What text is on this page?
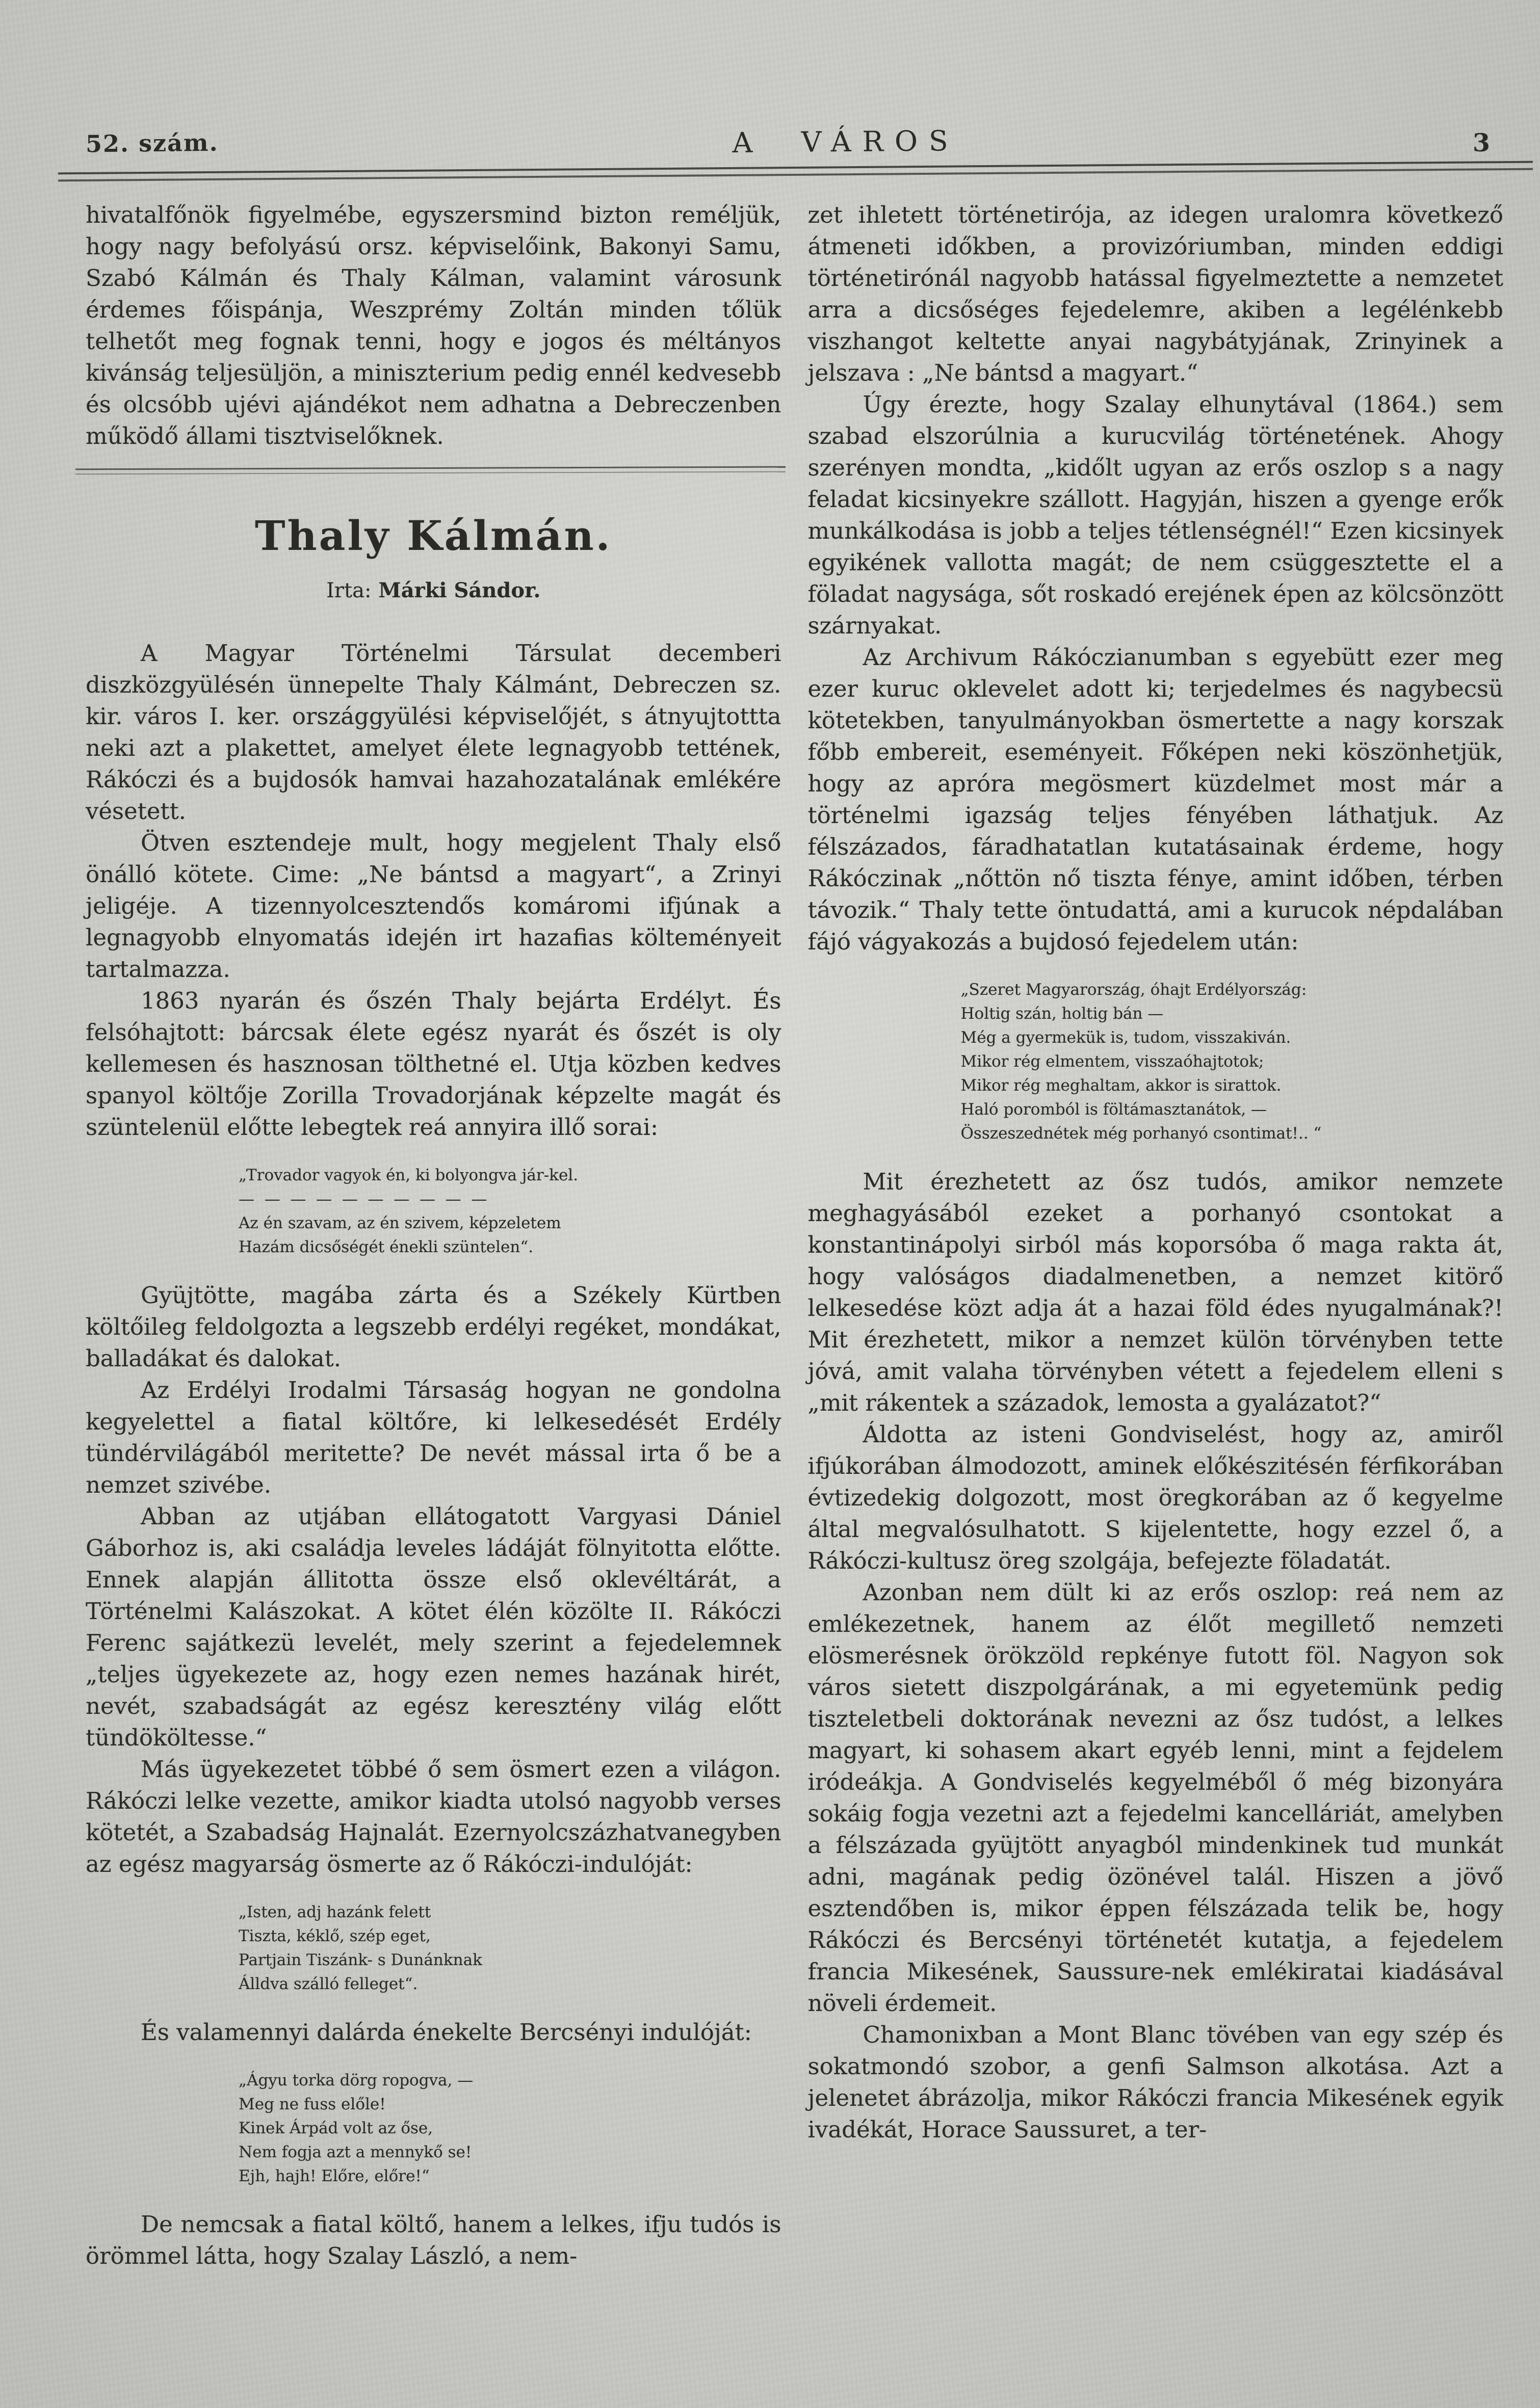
52. szám.	A VÁROS	3

hivatalfőnök figyelmébe, egyszersmind bizton reméljük, hogy nagy befolyású orsz. képviselőink, Bakonyi Samu, Szabó Kálmán és Thaly Kálman, valamint városunk érdemes főispánja, Weszprémy Zoltán minden tőlük telhetőt meg fognak tenni, hogy e jogos és méltányos kivánság teljesüljön, a miniszterium pedig ennél kedvesebb és olcsóbb ujévi ajándékot nem adhatna a Debreczenben működő állami tisztviselőknek.

Thaly Kálmán.
Irta: Márki Sándor.

A Magyar Történelmi Társulat decemberi diszközgyülésén ünnepelte Thaly Kálmánt, Debreczen sz. kir. város I. ker. országgyülési képviselőjét, s átnyujtottta neki azt a plakettet, amelyet élete legnagyobb tettének, Rákóczi és a bujdosók hamvai hazahozatalának emlékére vésetett.

Ötven esztendeje mult, hogy megjelent Thaly első önálló kötete. Cime: „Ne bántsd a magyart“, a Zrinyi jeligéje. A tizennyolcesztendős komáromi ifjúnak a legnagyobb elnyomatás idején irt hazafias költeményeit tartalmazza.

1863 nyarán és őszén Thaly bejárta Erdélyt. És felsóhajtott: bárcsak élete egész nyarát és őszét is oly kellemesen és hasznosan tölthetné el. Utja közben kedves spanyol költője Zorilla Trovadorjának képzelte magát és szüntelenül előtte lebegtek reá annyira illő sorai:

„Trovador vagyok én, ki bolyongva jár-kel.
—  —  —  —  —  —  —  —  —  —
Az én szavam, az én szivem, képzeletem
Hazám dicsőségét énekli szüntelen“.

Gyüjtötte, magába zárta és a Székely Kürtben költőileg feldolgozta a legszebb erdélyi regéket, mondákat, balladákat és dalokat.

Az Erdélyi Irodalmi Társaság hogyan ne gondolna kegyelettel a fiatal költőre, ki lelkesedését Erdély tündérvilágából meritette? De nevét mással irta ő be a nemzet szivébe.

Abban az utjában ellátogatott Vargyasi Dániel Gáborhoz is, aki családja leveles ládáját fölnyitotta előtte. Ennek alapján állitotta össze első oklevéltárát, a Történelmi Kalászokat. A kötet élén közölte II. Rákóczi Ferenc sajátkezü levelét, mely szerint a fejedelemnek „teljes ügyekezete az, hogy ezen nemes hazának hirét, nevét, szabadságát az egész keresztény világ előtt tündököltesse.“

Más ügyekezetet többé ő sem ösmert ezen a világon. Rákóczi lelke vezette, amikor kiadta utolsó nagyobb verses kötetét, a Szabadság Hajnalát. Ezernyolcszázhatvanegyben az egész magyarság ösmerte az ő Rákóczi-indulóját:

„Isten, adj hazánk felett
Tiszta, kéklő, szép eget,
Partjain Tiszánk- s Dunánknak
Álldva szálló felleget“.

És valamennyi dalárda énekelte Bercsényi indulóját:

„Ágyu torka dörg ropogva, —
Meg ne fuss előle!
Kinek Árpád volt az őse,
Nem fogja azt a mennykő se!
Ejh, hajh! Előre, előre!“

De nemcsak a fiatal költő, hanem a lelkes, ifju tudós is örömmel látta, hogy Szalay László, a nem-

zet ihletett történetirója, az idegen uralomra következő átmeneti időkben, a provizóriumban, minden eddigi történetirónál nagyobb hatással figyelmeztette a nemzetet arra a dicsőséges fejedelemre, akiben a legélénkebb viszhangot keltette anyai nagybátyjának, Zrinyinek a jelszava : „Ne bántsd a magyart.“

Úgy érezte, hogy Szalay elhunytával (1864.) sem szabad elszorúlnia a kurucvilág történetének. Ahogy szerényen mondta, „kidőlt ugyan az erős oszlop s a nagy feladat kicsinyekre szállott. Hagyján, hiszen a gyenge erők munkálkodása is jobb a teljes tétlenségnél!“ Ezen kicsinyek egyikének vallotta magát; de nem csüggesztette el a föladat nagysága, sőt roskadó erejének épen az kölcsönzött szárnyakat.

Az Archivum Rákóczianumban s egyebütt ezer meg ezer kuruc oklevelet adott ki; terjedelmes és nagybecsü kötetekben, tanyulmányokban ösmertette a nagy korszak főbb embereit, eseményeit. Főképen neki köszönhetjük, hogy az apróra megösmert küzdelmet most már a történelmi igazság teljes fényében láthatjuk. Az félszázados, fáradhatatlan kutatásainak érdeme, hogy Rákóczinak „nőttön nő tiszta fénye, amint időben, térben távozik.“ Thaly tette öntudattá, ami a kurucok népdalában fájó vágyakozás a bujdosó fejedelem után:

„Szeret Magyarország, óhajt Erdélyország:
Holtig szán, holtig bán —
Még a gyermekük is, tudom, visszakiván.
Mikor rég elmentem, visszaóhajtotok;
Mikor rég meghaltam, akkor is sirattok.
Haló poromból is föltámasztanátok, —
Összeszednétek még porhanyó csontimat!.. “

Mit érezhetett az ősz tudós, amikor nemzete meghagyásából ezeket a porhanyó csontokat a konstantinápolyi sirból más koporsóba ő maga rakta át, hogy valóságos diadalmenetben, a nemzet kitörő lelkesedése közt adja át a hazai föld édes nyugalmának?! Mit érezhetett, mikor a nemzet külön törvényben tette jóvá, amit valaha törvényben vétett a fejedelem elleni s „mit rákentek a századok, lemosta a gyalázatot?“

Áldotta az isteni Gondviselést, hogy az, amiről ifjúkorában álmodozott, aminek előkészitésén férfikorában évtizedekig dolgozott, most öregkorában az ő kegyelme által megvalósulhatott. S kijelentette, hogy ezzel ő, a Rákóczi-kultusz öreg szolgája, befejezte föladatát.

Azonban nem dült ki az erős oszlop: reá nem az emlékezetnek, hanem az élőt megillető nemzeti elösmerésnek örökzöld repkénye futott föl. Nagyon sok város sietett diszpolgárának, a mi egyetemünk pedig tiszteletbeli doktorának nevezni az ősz tudóst, a lelkes magyart, ki sohasem akart egyéb lenni, mint a fejdelem iródeákja. A Gondviselés kegyelméből ő még bizonyára sokáig fogja vezetni azt a fejedelmi kancelláriát, amelyben a félszázada gyüjtött anyagból mindenkinek tud munkát adni, magának pedig özönével talál. Hiszen a jövő esztendőben is, mikor éppen félszázada telik be, hogy Rákóczi és Bercsényi történetét kutatja, a fejedelem francia Mikesének, Saussure-nek emlékiratai kiadásával növeli érdemeit.

Chamonixban a Mont Blanc tövében van egy szép és sokatmondó szobor, a genfi Salmson alkotása. Azt a jelenetet ábrázolja, mikor Rákóczi francia Mikesének egyik ivadékát, Horace Saussuret, a ter-
